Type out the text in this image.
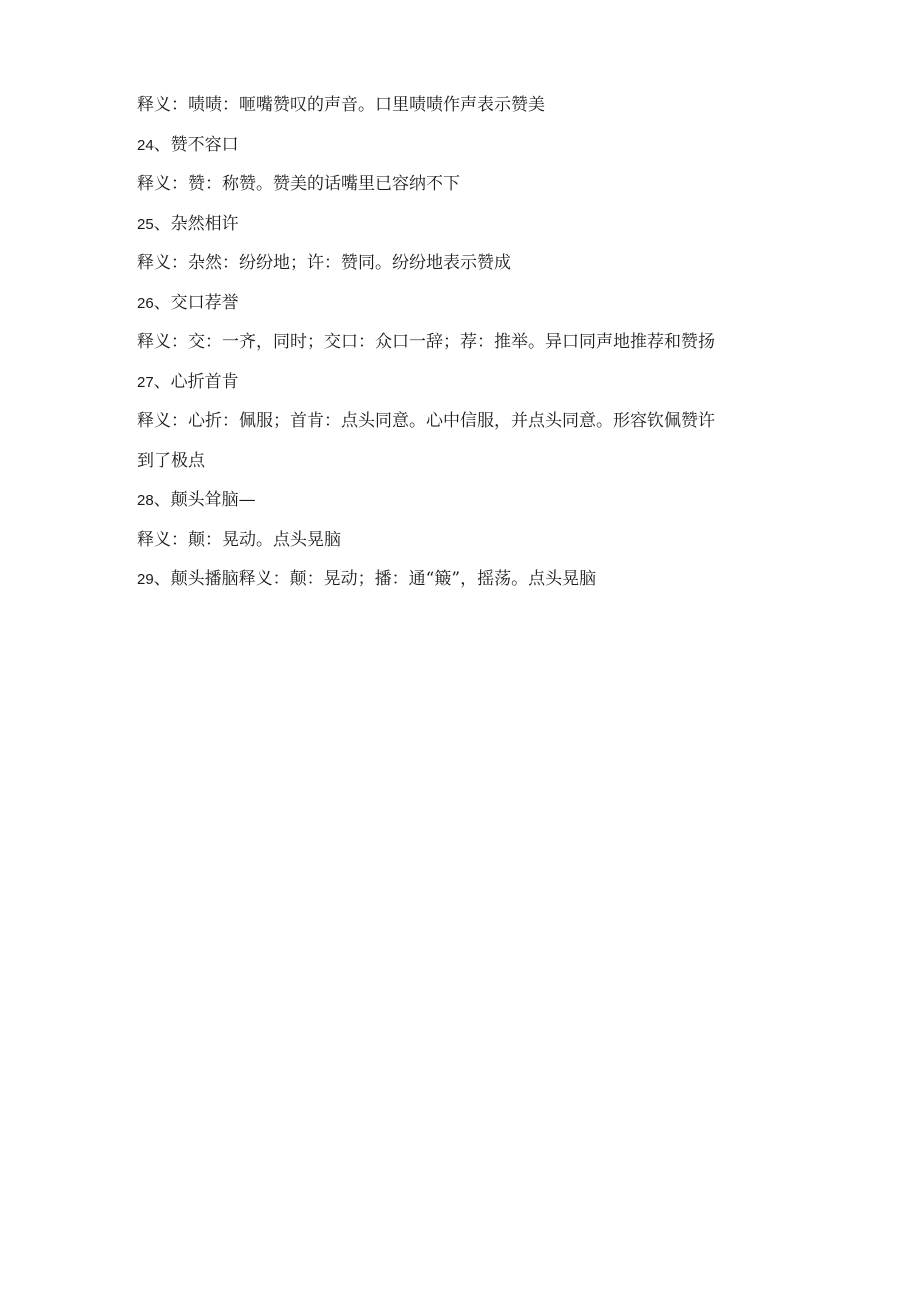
释义：啧啧：咂嘴赞叹的声音。口里啧啧作声表示赞美

24、赞不容口

释义：赞：称赞。赞美的话嘴里已容纳不下

25、杂然相许

释义：杂然：纷纷地；许：赞同。纷纷地表示赞成

26、交口荐誉

释义：交：一齐，同时；交口：众口一辞；荐：推举。异口同声地推荐和赞扬

27、心折首肯

释义：心折：佩服；首肯：点头同意。心中信服，并点头同意。形容钦佩赞许

到了极点

28、颠头耸脑—

释义：颠：晃动。点头晃脑

29、颠头播脑释义：颠：晃动；播：通“簸”，摇荡。点头晃脑
